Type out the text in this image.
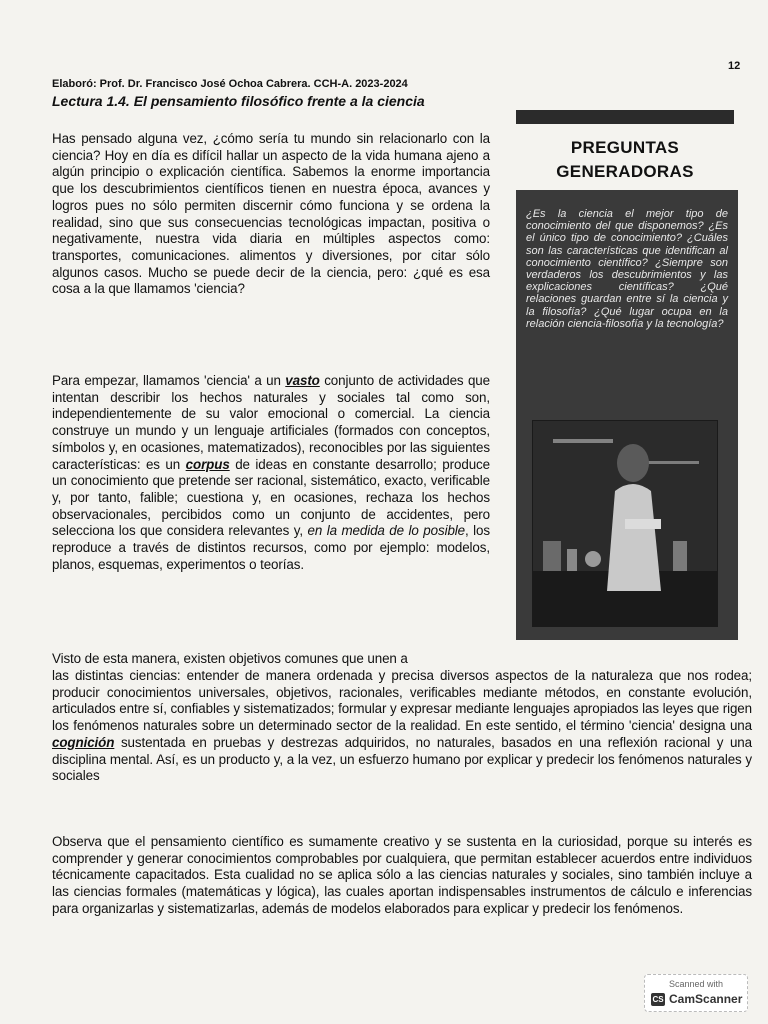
12
Elaboró: Prof. Dr. Francisco José Ochoa Cabrera. CCH-A. 2023-2024
Lectura 1.4. El pensamiento filosófico frente a la ciencia

Has pensado alguna vez, ¿cómo sería tu mundo sin relacionarlo con la ciencia? Hoy en día es difícil hallar un aspecto de la vida humana ajeno a algún principio o explicación científica. Sabemos la enorme importancia que los descubrimientos científicos tienen en nuestra época, avances y logros pues no sólo permiten discernir cómo funciona y se ordena la realidad, sino que sus consecuencias tecnológicas impactan, positiva o negativamente, nuestra vida diaria en múltiples aspectos como: transportes, comunicaciones. alimentos y diversiones, por citar sólo algunos casos. Mucho se puede decir de la ciencia, pero: ¿qué es esa cosa a la que llamamos 'ciencia?

Para empezar, llamamos 'ciencia' a un vasto conjunto de actividades que intentan describir los hechos naturales y sociales tal como son, independientemente de su valor emocional o comercial. La ciencia construye un mundo y un lenguaje artificiales (formados con conceptos, símbolos y, en ocasiones, matematizados), reconocibles por las siguientes características: es un corpus de ideas en constante desarrollo; produce un conocimiento que pretende ser racional, sistemático, exacto, verificable y, por tanto, falible; cuestiona y, en ocasiones, rechaza los hechos observacionales, percibidos como un conjunto de accidentes, pero selecciona los que considera relevantes y, en la medida de lo posible, los reproduce a través de distintos recursos, como por ejemplo: modelos, planos, esquemas, experimentos o teorías.

Visto de esta manera, existen objetivos comunes que unen a

las distintas ciencias: entender de manera ordenada y precisa diversos aspectos de la naturaleza que nos rodea; producir conocimientos universales, objetivos, racionales, verificables mediante métodos, en constante evolución, articulados entre sí, confiables y sistematizados; formular y expresar mediante lenguajes apropiados las leyes que rigen los fenómenos naturales sobre un determinado sector de la realidad. En este sentido, el término 'ciencia' designa una cognición sustentada en pruebas y destrezas adquiridos, no naturales, basados en una reflexión racional y una disciplina mental. Así, es un producto y, a la vez, un esfuerzo humano por explicar y predecir los fenómenos naturales y sociales

Observa que el pensamiento científico es sumamente creativo y se sustenta en la curiosidad, porque su interés es comprender y generar conocimientos comprobables por cualquiera, que permitan establecer acuerdos entre individuos técnicamente capacitados. Esta cualidad no se aplica sólo a las ciencias naturales y sociales, sino también incluye a las ciencias formales (matemáticas y lógica), las cuales aportan indispensables instrumentos de cálculo e inferencias para organizarlas y sistematizarlas, además de modelos elaborados para explicar y predecir los fenómenos.

PREGUNTAS
GENERADORAS

¿Es la ciencia el mejor tipo de conocimiento del que disponemos? ¿Es el único tipo de conocimiento? ¿Cuáles son las características que identifican al conocimiento científico? ¿Siempre son verdaderos los descubrimientos y las explicaciones científicas? ¿Qué relaciones guardan entre sí la ciencia y la filosofía? ¿Qué lugar ocupa en la relación ciencia-filosofía y la tecnología?

Scanned with
CS CamScanner
